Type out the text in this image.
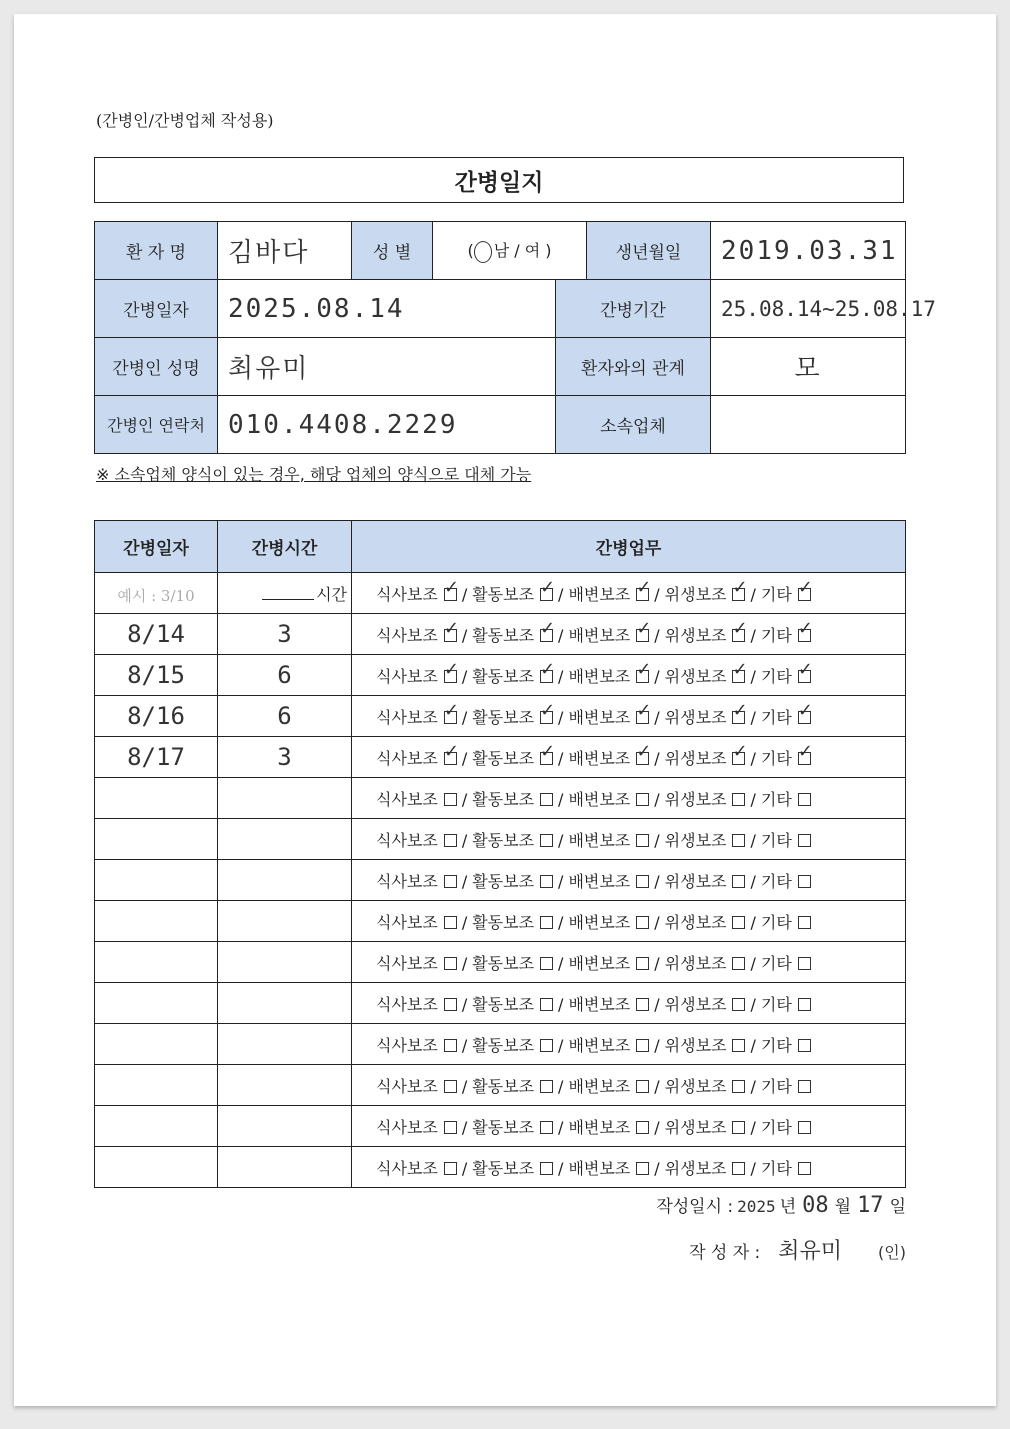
(간병인/간병업체 작성용)
간병일지
환 자 명	김바다	성 별	( 남 / 여 )		생년월일	2019.03.31
간병일자	2025.08.14			간병기간		25.08.14~25.08.17
간병인 성명	최유미			환자와의 관계		모
간병인 연락처	010.4408.2229			소속업체		
※ 소속업체 양식이 있는 경우, 해당 업체의 양식으로 대체 가능
간병일자	간병시간	간병업무
예시 : 3/10	시간	식사보조 ✓ / 활동보조 ✓ / 배변보조 ✓ / 위생보조 ✓ / 기타✓
8/14	3	식사보조 ✓ / 활동보조 ✓ / 배변보조 ✓ / 위생보조 ✓ / 기타✓
8/15	6	식사보조 ✓ / 활동보조 ✓ / 배변보조 ✓ / 위생보조 ✓ / 기타✓
8/16	6	식사보조 ✓ / 활동보조 ✓ / 배변보조 ✓ / 위생보조 ✓ / 기타✓
8/17	3	식사보조 ✓ / 활동보조 ✓ / 배변보조 ✓ / 위생보조 ✓ / 기타✓
		식사보조 / 활동보조 / 배변보조 / 위생보조 / 기타
		식사보조 / 활동보조 / 배변보조 / 위생보조 / 기타
		식사보조 / 활동보조 / 배변보조 / 위생보조 / 기타
		식사보조 / 활동보조 / 배변보조 / 위생보조 / 기타
		식사보조 / 활동보조 / 배변보조 / 위생보조 / 기타
		식사보조 / 활동보조 / 배변보조 / 위생보조 / 기타
		식사보조 / 활동보조 / 배변보조 / 위생보조 / 기타
		식사보조 / 활동보조 / 배변보조 / 위생보조 / 기타
		식사보조 / 활동보조 / 배변보조 / 위생보조 / 기타
		식사보조 / 활동보조 / 배변보조 / 위생보조 / 기타
작성일시 : 2025 년 08 월 17 일
작 성 자 : 최유미 (인)
